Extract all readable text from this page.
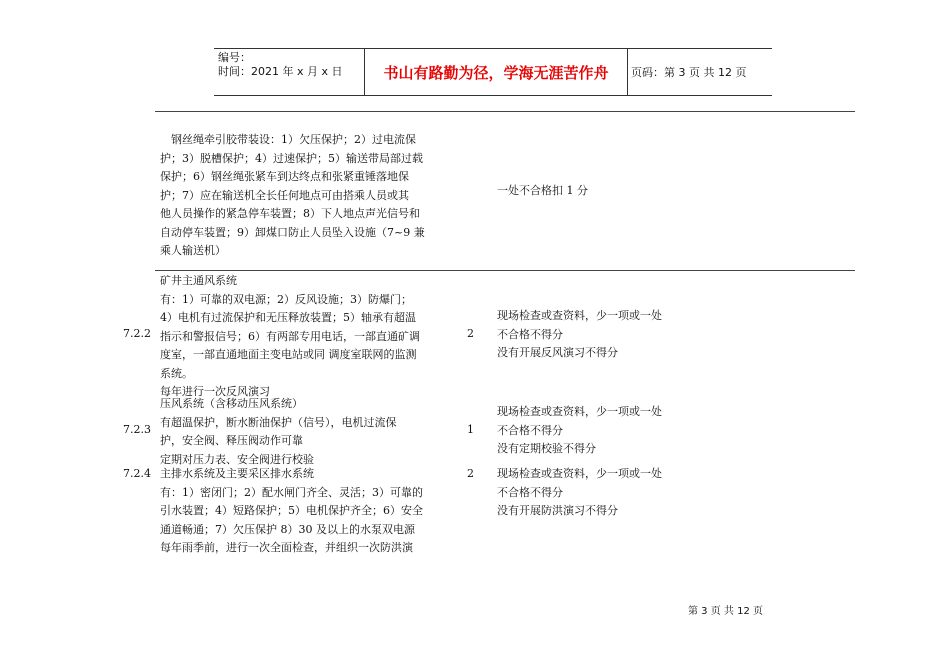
编号：
时间：2021 年 x 月 x 日	书山有路勤为径，学海无涯苦作舟	页码：第 3 页 共 12 页
　钢丝绳牵引胶带装设：1）欠压保护；2）过电流保
护；3）脱槽保护；4）过速保护；5）输送带局部过载
保护；6）钢丝绳张紧车到达终点和张紧重锤落地保
护；7）应在输送机全长任何地点可由搭乘人员或其
他人员操作的紧急停车装置；8）下人地点声光信号和
自动停车装置；9）卸煤口防止人员坠入设施（7~9 兼
乘人输送机）
一处不合格扣 1 分
7.2.2
矿井主通风系统
有：1）可靠的双电源；2）反风设施；3）防爆门；
4）电机有过流保护和无压释放装置；5）轴承有超温
指示和警报信号；6）有两部专用电话，一部直通矿调
度室，一部直通地面主变电站或同 调度室联网的监测
系统。
每年进行一次反风演习
2
现场检查或查资料，少一项或一处
不合格不得分
没有开展反风演习不得分
7.2.3
压风系统（含移动压风系统）
有超温保护，断水断油保护（信号），电机过流保
护，安全阀、释压阀动作可靠
定期对压力表、安全阀进行校验
1
现场检查或查资料，少一项或一处
不合格不得分
没有定期校验不得分
7.2.4 主排水系统及主要采区排水系统
有：1）密闭门；2）配水闸门齐全、灵活；3）可靠的
引水装置；4）短路保护；5）电机保护齐全；6）安全
通道畅通；7）欠压保护 8）30 及以上的水泵双电源
每年雨季前，进行一次全面检查，并组织一次防洪演
2 现场检查或查资料，少一项或一处
不合格不得分
没有开展防洪演习不得分
第 3 页 共 12 页
